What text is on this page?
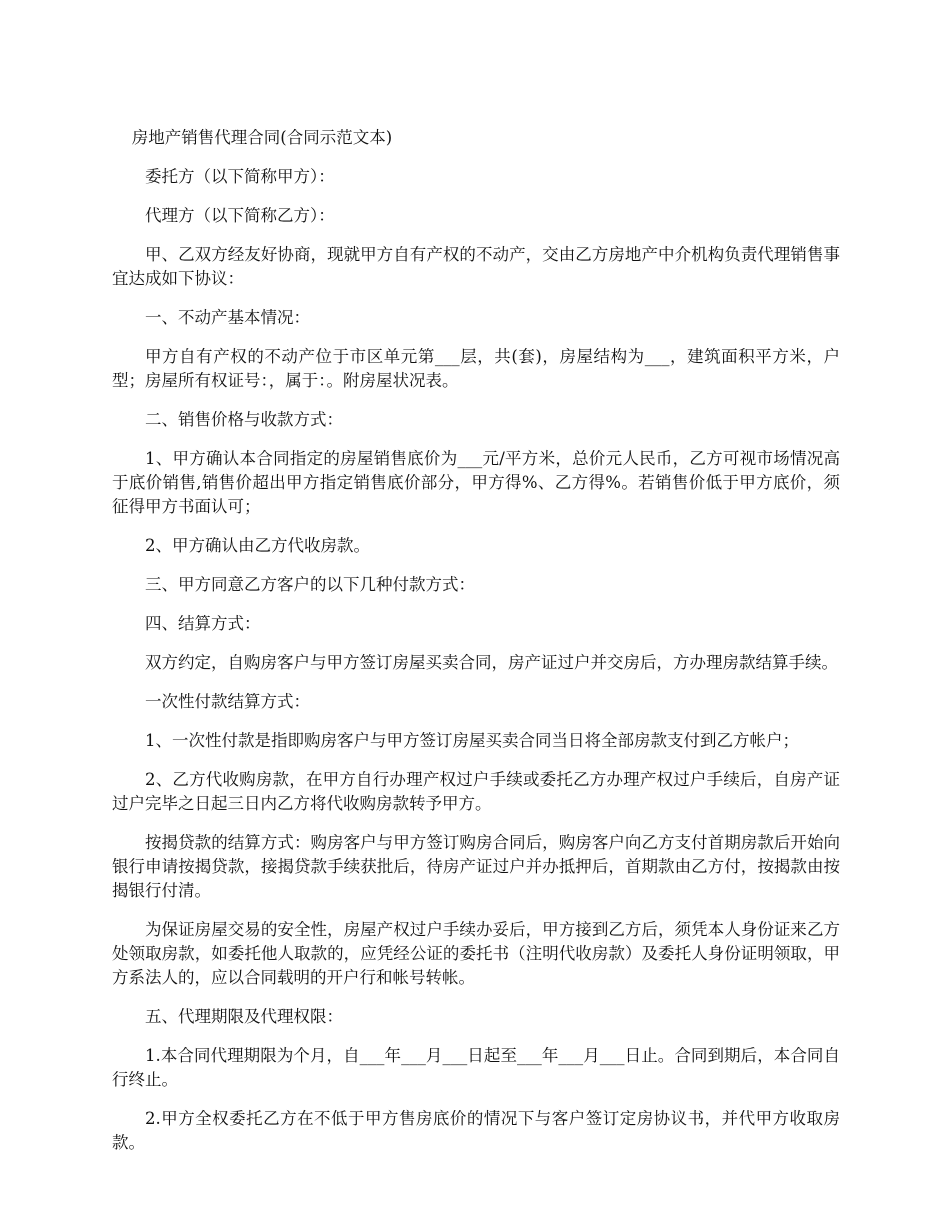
房地产销售代理合同(合同示范文本)

委托方（以下简称甲方）：

代理方（以下简称乙方）：

甲、乙双方经友好协商，现就甲方自有产权的不动产，交由乙方房地产中介机构负责代理销售事宜达成如下协议：

一、不动产基本情况：

甲方自有产权的不动产位于市区单元第___层，共(套)，房屋结构为___，建筑面积平方米，户型；房屋所有权证号：，属于：。附房屋状况表。

二、销售价格与收款方式：

1、甲方确认本合同指定的房屋销售底价为___元/平方米，总价元人民币，乙方可视市场情况高于底价销售,销售价超出甲方指定销售底价部分，甲方得%、乙方得%。若销售价低于甲方底价，须征得甲方书面认可；

2、甲方确认由乙方代收房款。

三、甲方同意乙方客户的以下几种付款方式：

四、结算方式：

双方约定，自购房客户与甲方签订房屋买卖合同，房产证过户并交房后，方办理房款结算手续。

一次性付款结算方式：

1、一次性付款是指即购房客户与甲方签订房屋买卖合同当日将全部房款支付到乙方帐户；

2、乙方代收购房款，在甲方自行办理产权过户手续或委托乙方办理产权过户手续后，自房产证过户完毕之日起三日内乙方将代收购房款转予甲方。

按揭贷款的结算方式：购房客户与甲方签订购房合同后，购房客户向乙方支付首期房款后开始向银行申请按揭贷款，接揭贷款手续获批后，待房产证过户并办抵押后，首期款由乙方付，按揭款由按揭银行付清。

为保证房屋交易的安全性，房屋产权过户手续办妥后，甲方接到乙方后，须凭本人身份证来乙方处领取房款，如委托他人取款的，应凭经公证的委托书（注明代收房款）及委托人身份证明领取，甲方系法人的，应以合同载明的开户行和帐号转帐。

五、代理期限及代理权限：

1.本合同代理期限为个月，自___年___月___日起至___年___月___日止。合同到期后，本合同自行终止。

2.甲方全权委托乙方在不低于甲方售房底价的情况下与客户签订定房协议书，并代甲方收取房款。
